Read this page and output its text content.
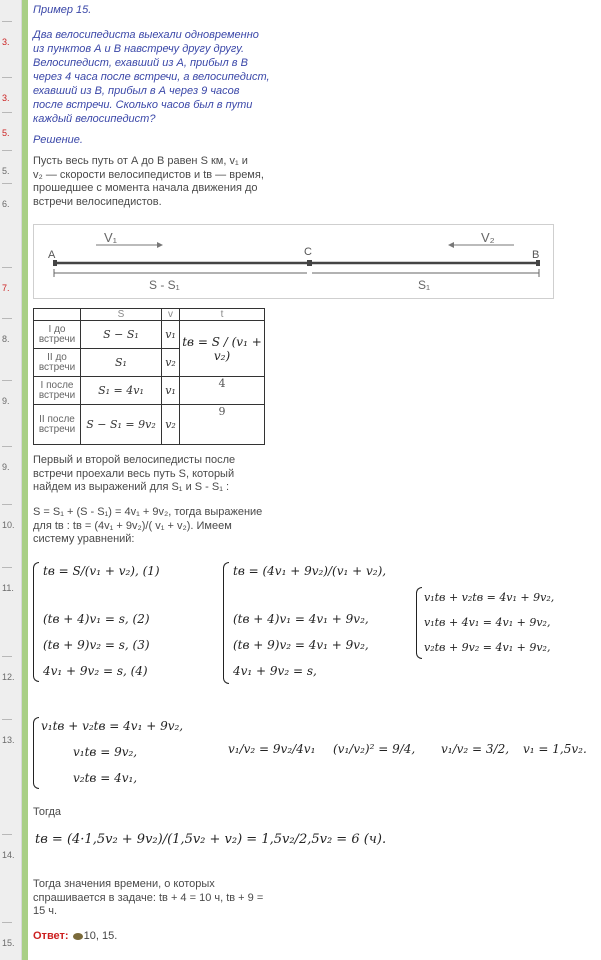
3.
3.
5.
5.
6.
7.
8.
9.
9.
10.
11.
12.
13.
14.
15.
Пример 15.
Два велосипедиста выехали одновременно
из пунктов А и В навстречу другу другу.
Велосипедист, ехавший из А, прибыл в В
через 4 часа после встречи, а велосипедист,
ехавший из В, прибыл в А через 9 часов
после встречи. Сколько часов был в пути
каждый велосипедист?
Решение.
Пусть весь путь от А до В равен S км, v₁ и
v₂ — скорости велосипедистов и tв — время,
прошедшее с момента начала движения до
встречи велосипедистов.
A	C	B
V₁	V₂
S - S₁	S₁
	S	v	t
I до встречи	S − S₁	v₁	tв = S / (v₁ + v₂)
II до встречи	S₁	v₂	
I после встречи	S₁ = 4v₁	v₁	4
II после встречи	S − S₁ = 9v₂	v₂	9
Первый и второй велосипедисты после
встречи проехали весь путь S, который
найдем из выражений для S₁ и S - S₁ :
S = S₁ + (S - S₁) = 4v₁ + 9v₂, тогда выражение
для tв : tв = (4v₁ + 9v₂)/( v₁ + v₂). Имеем
систему уравнений:
tв = S/(v₁ + v₂), (1)
(tв + 4)v₁ = s, (2)
(tв + 9)v₂ = s, (3)
4v₁ + 9v₂ = s, (4)
tв = (4v₁ + 9v₂)/(v₁ + v₂),
(tв + 4)v₁ = 4v₁ + 9v₂,
(tв + 9)v₂ = 4v₁ + 9v₂,
4v₁ + 9v₂ = s,
v₁tв + v₂tв = 4v₁ + 9v₂,
v₁tв + 4v₁ = 4v₁ + 9v₂,
v₂tв + 9v₂ = 4v₁ + 9v₂,
v₁tв + v₂tв = 4v₁ + 9v₂,
v₁tв = 9v₂,
v₂tв = 4v₁,
v₁/v₂ = 9v₂/4v₁ (v₁/v₂)² = 9/4, v₁/v₂ = 3/2, v₁ = 1,5v₂.
Тогда
tв = (4·1,5v₂ + 9v₂)/(1,5v₂ + v₂) = 1,5v₂/2,5v₂ = 6 (ч).
Тогда значения времени, о которых
спрашивается в задаче: tв + 4 = 10 ч, tв + 9 =
15 ч.
Ответ: 10, 15.
